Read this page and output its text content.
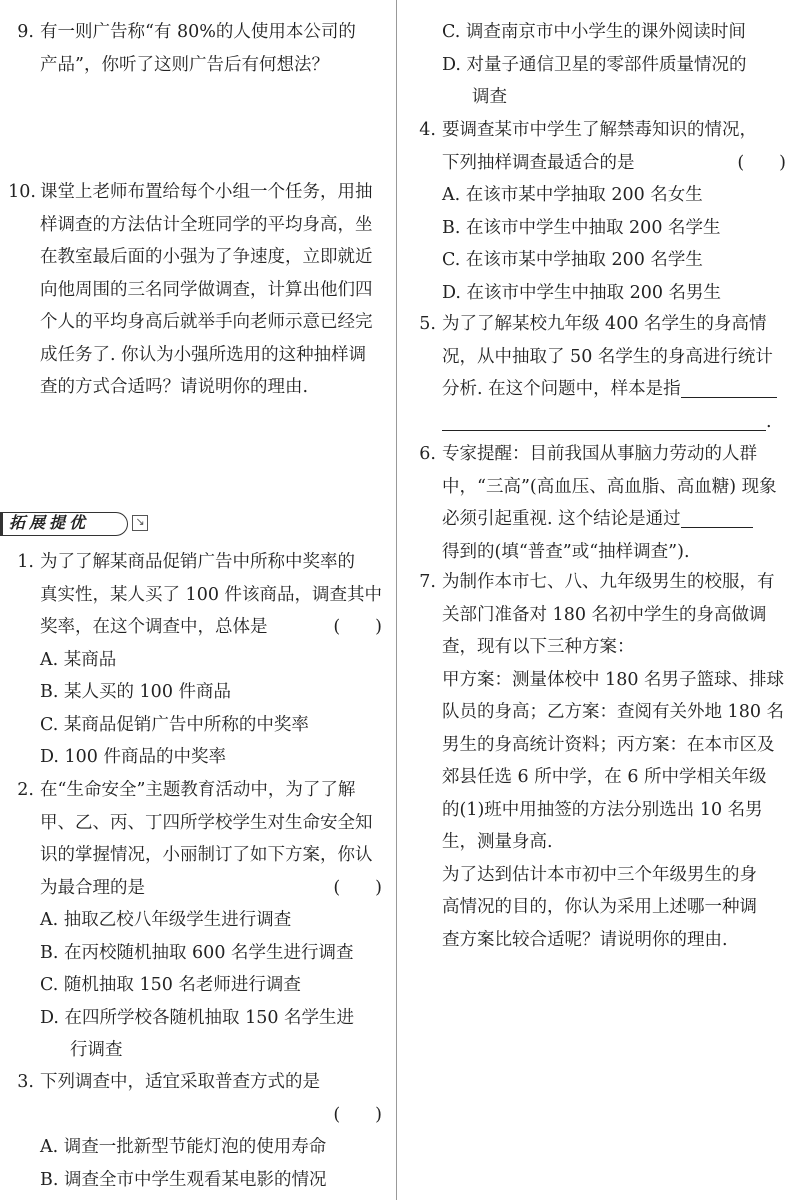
9. 有一则广告称“有 80%的人使用本公司的
产品”，你听了这则广告后有何想法？
10. 课堂上老师布置给每个小组一个任务，用抽
样调查的方法估计全班同学的平均身高，坐
在教室最后面的小强为了争速度，立即就近
向他周围的三名同学做调查，计算出他们四
个人的平均身高后就举手向老师示意已经完
成任务了. 你认为小强所选用的这种抽样调
查的方式合适吗？请说明你的理由.
拓展提优	↘
1. 为了了解某商品促销广告中所称中奖率的
真实性，某人买了 100 件该商品，调查其中
奖率，在这个调查中，总体是	(　　)
A. 某商品
B. 某人买的 100 件商品
C. 某商品促销广告中所称的中奖率
D. 100 件商品的中奖率
2. 在“生命安全”主题教育活动中，为了了解
甲、乙、丙、丁四所学校学生对生命安全知
识的掌握情况，小丽制订了如下方案，你认
为最合理的是	(　　)
A. 抽取乙校八年级学生进行调查
B. 在丙校随机抽取 600 名学生进行调查
C. 随机抽取 150 名老师进行调查
D. 在四所学校各随机抽取 150 名学生进
行调查
3. 下列调查中，适宜采取普查方式的是
(　　)
A. 调查一批新型节能灯泡的使用寿命
B. 调查全市中学生观看某电影的情况
C. 调查南京市中小学生的课外阅读时间
D. 对量子通信卫星的零部件质量情况的
调查
4. 要调查某市中学生了解禁毒知识的情况，
下列抽样调查最适合的是	(　　)
A. 在该市某中学抽取 200 名女生
B. 在该市中学生中抽取 200 名学生
C. 在该市某中学抽取 200 名学生
D. 在该市中学生中抽取 200 名男生
5. 为了了解某校九年级 400 名学生的身高情
况，从中抽取了 50 名学生的身高进行统计
分析. 在这个问题中，样本是指
.
6. 专家提醒：目前我国从事脑力劳动的人群
中，“三高”(高血压、高血脂、高血糖) 现象
必须引起重视. 这个结论是通过
得到的(填“普查”或“抽样调查”).
7. 为制作本市七、八、九年级男生的校服，有
关部门准备对 180 名初中学生的身高做调
查，现有以下三种方案：
甲方案：测量体校中 180 名男子篮球、排球
队员的身高；乙方案：查阅有关外地 180 名
男生的身高统计资料；丙方案：在本市区及
郊县任选 6 所中学，在 6 所中学相关年级
的(1)班中用抽签的方法分别选出 10 名男
生，测量身高.
为了达到估计本市初中三个年级男生的身
高情况的目的，你认为采用上述哪一种调
查方案比较合适呢？请说明你的理由.
